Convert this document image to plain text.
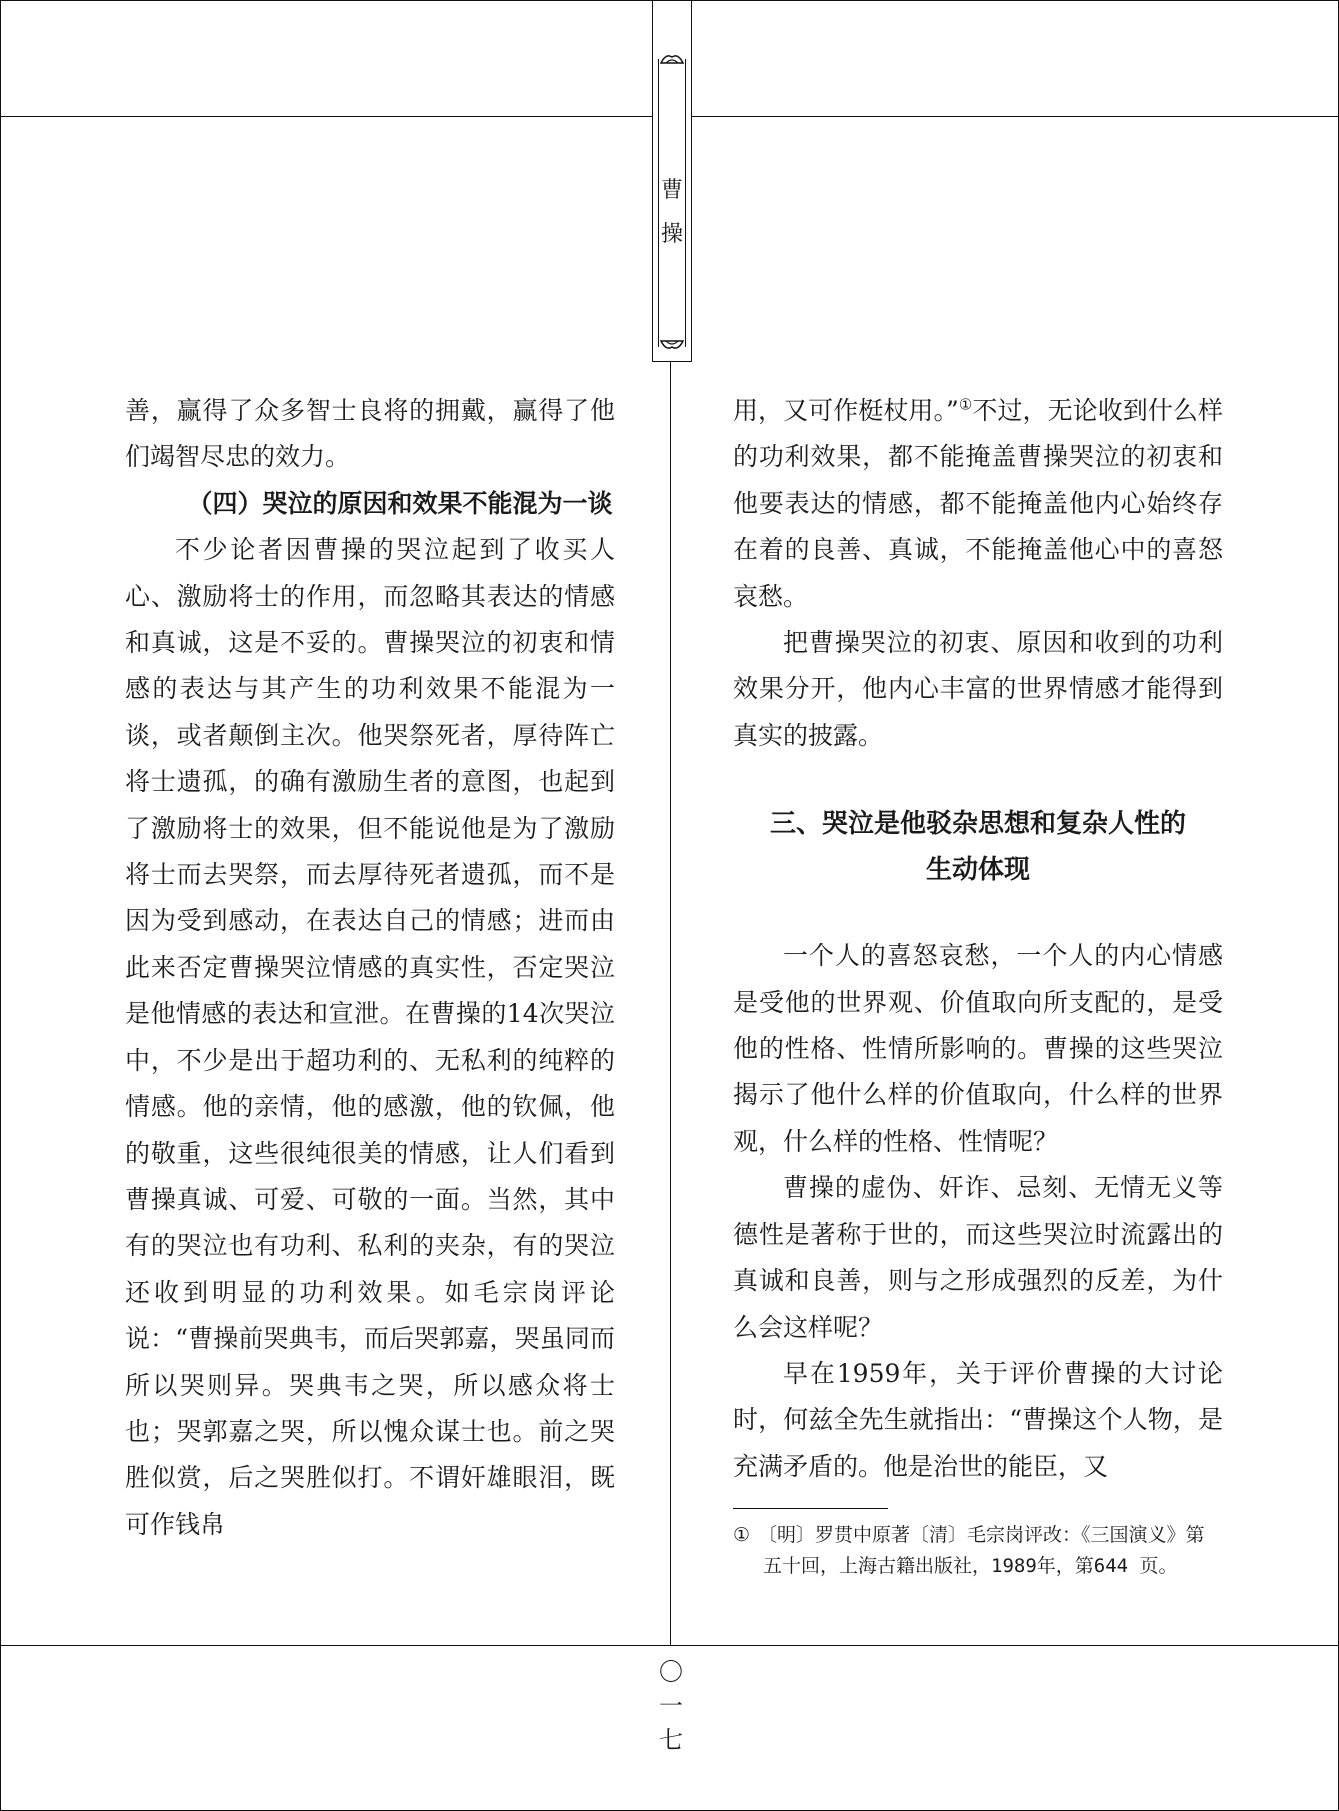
曹
操

善，赢得了众多智士良将的拥戴，赢得了他们竭智尽忠的效力。

（四）哭泣的原因和效果不能混为一谈

不少论者因曹操的哭泣起到了收买人心、激励将士的作用，而忽略其表达的情感和真诚，这是不妥的。曹操哭泣的初衷和情感的表达与其产生的功利效果不能混为一谈，或者颠倒主次。他哭祭死者，厚待阵亡将士遗孤，的确有激励生者的意图，也起到了激励将士的效果，但不能说他是为了激励将士而去哭祭，而去厚待死者遗孤，而不是因为受到感动，在表达自己的情感；进而由此来否定曹操哭泣情感的真实性，否定哭泣是他情感的表达和宣泄。在曹操的14次哭泣中，不少是出于超功利的、无私利的纯粹的情感。他的亲情，他的感激，他的钦佩，他的敬重，这些很纯很美的情感，让人们看到曹操真诚、可爱、可敬的一面。当然，其中有的哭泣也有功利、私利的夹杂，有的哭泣还收到明显的功利效果。如毛宗岗评论说：“曹操前哭典韦，而后哭郭嘉，哭虽同而所以哭则异。哭典韦之哭，所以感众将士也；哭郭嘉之哭，所以愧众谋士也。前之哭胜似赏，后之哭胜似打。不谓奸雄眼泪，既可作钱帛

用，又可作梃杖用。”①不过，无论收到什么样的功利效果，都不能掩盖曹操哭泣的初衷和他要表达的情感，都不能掩盖他内心始终存在着的良善、真诚，不能掩盖他心中的喜怒哀愁。

把曹操哭泣的初衷、原因和收到的功利效果分开，他内心丰富的世界情感才能得到真实的披露。

三、哭泣是他驳杂思想和复杂人性的
生动体现

一个人的喜怒哀愁，一个人的内心情感是受他的世界观、价值取向所支配的，是受他的性格、性情所影响的。曹操的这些哭泣揭示了他什么样的价值取向，什么样的世界观，什么样的性格、性情呢？

曹操的虚伪、奸诈、忌刻、无情无义等德性是著称于世的，而这些哭泣时流露出的真诚和良善，则与之形成强烈的反差，为什么会这样呢？

早在1959年，关于评价曹操的大讨论时，何兹全先生就指出：“曹操这个人物，是充满矛盾的。他是治世的能臣，又

① 〔明〕罗贯中原著〔清〕毛宗岗评改：《三国演义》第五十回，上海古籍出版社，1989年，第644 页。
〇
一
七
